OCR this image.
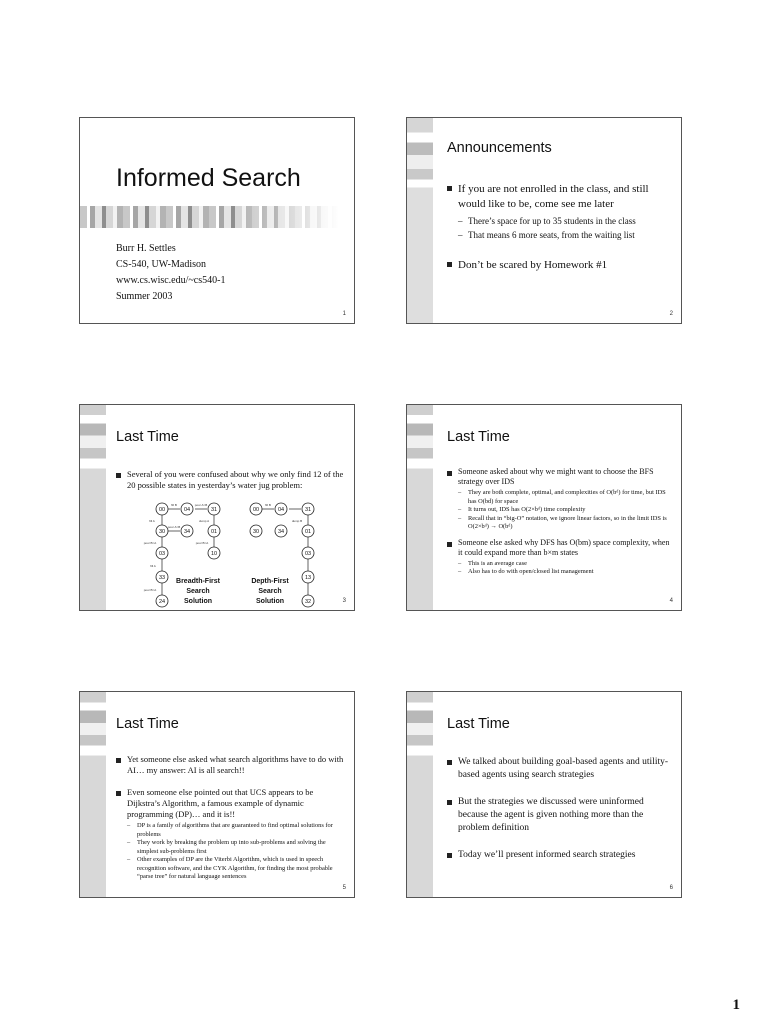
Informed Search
Burr H. Settles
CS-540, UW-Madison
www.cs.wisc.edu/~cs540-1
Summer 2003
1
Announcements
If you are not enrolled in the class, and still would like to be, come see me later
– There’s space for up to 35 students in the class
– That means 6 more seats, from the waiting list
Don’t be scared by Homework #1
2
Last Time
Several of you were confused about why we only find 12 of the 20 possible states in yesterday’s water jug problem:
00	04	31
30	34	01
03	10
33
24
00	04	31
30	34	01
03
13
32
fill B	pour A>B
fill A	dump A
pour A>B
pour B>A	pour B>A
fill A
pour B>A
fill B
dump B
Breadth-First
Search
Solution
Depth-First
Search
Solution	3
Last Time
Someone asked about why we might want to choose the BFS strategy over IDS
– They are both complete, optimal, and complexities of O(bᵈ) for time, but IDS has O(bd) for space
– It turns out, IDS has O(2×bᵈ) time complexity
– Recall that in “big-O” notation, we ignore linear factors, so in the limit IDS is O(2×bᵈ) → O(bᵈ)
Someone else asked why DFS has O(bm) space complexity, when it could expand more than b×m states
– This is an average case
– Also has to do with open/closed list management
4
Last Time
Yet someone else asked what search algorithms have to do with AI… my answer: AI is all search!!
Even someone else pointed out that UCS appears to be Dijkstra’s Algorithm, a famous example of dynamic programming (DP)… and it is!!
– DP is a family of algorithms that are guaranteed to find optimal solutions for problems
– They work by breaking the problem up into sub-problems and solving the simplest sub-problems first
– Other examples of DP are the Viterbi Algorithm, which is used in speech recognition software, and the CYK Algorithm, for finding the most probable “parse tree” for natural language sentences
5
Last Time
We talked about building goal-based agents and utility-based agents using search strategies
But the strategies we discussed were uninformed because the agent is given nothing more than the problem definition
Today we’ll present informed search strategies
6
1
